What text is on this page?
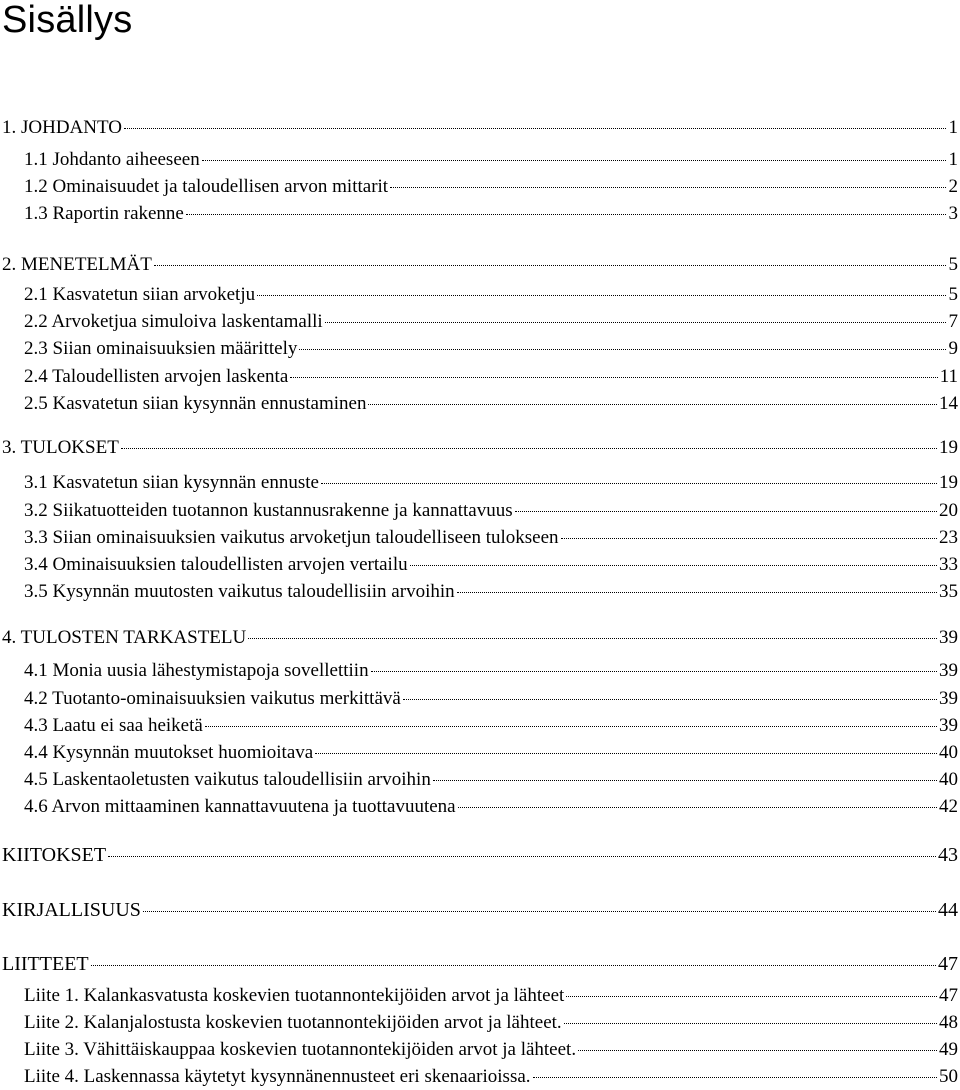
Sisällys
1. JOHDANTO	1
1.1 Johdanto aiheeseen	1
1.2 Ominaisuudet ja taloudellisen arvon mittarit	2
1.3 Raportin rakenne	3
2. MENETELMÄT	5
2.1 Kasvatetun siian arvoketju	5
2.2 Arvoketjua simuloiva laskentamalli	7
2.3 Siian ominaisuuksien määrittely	9
2.4 Taloudellisten arvojen laskenta	11
2.5 Kasvatetun siian kysynnän ennustaminen	14
3. TULOKSET	19
3.1 Kasvatetun siian kysynnän ennuste	19
3.2 Siikatuotteiden tuotannon kustannusrakenne ja kannattavuus	20
3.3 Siian ominaisuuksien vaikutus arvoketjun taloudelliseen tulokseen	23
3.4 Ominaisuuksien taloudellisten arvojen vertailu	33
3.5 Kysynnän muutosten vaikutus taloudellisiin arvoihin	35
4. TULOSTEN TARKASTELU	39
4.1 Monia uusia lähestymistapoja sovellettiin	39
4.2 Tuotanto-ominaisuuksien vaikutus merkittävä	39
4.3 Laatu ei saa heiketä	39
4.4 Kysynnän muutokset huomioitava	40
4.5 Laskentaoletusten vaikutus taloudellisiin arvoihin	40
4.6 Arvon mittaaminen kannattavuutena ja tuottavuutena	42
KIITOKSET	43
KIRJALLISUUS	44
LIITTEET	47
Liite 1. Kalankasvatusta koskevien tuotannontekijöiden arvot ja lähteet	47
Liite 2. Kalanjalostusta koskevien tuotannontekijöiden arvot ja lähteet.	48
Liite 3. Vähittäiskauppaa koskevien tuotannontekijöiden arvot ja lähteet.	49
Liite 4. Laskennassa käytetyt kysynnänennusteet eri skenaarioissa.	50
